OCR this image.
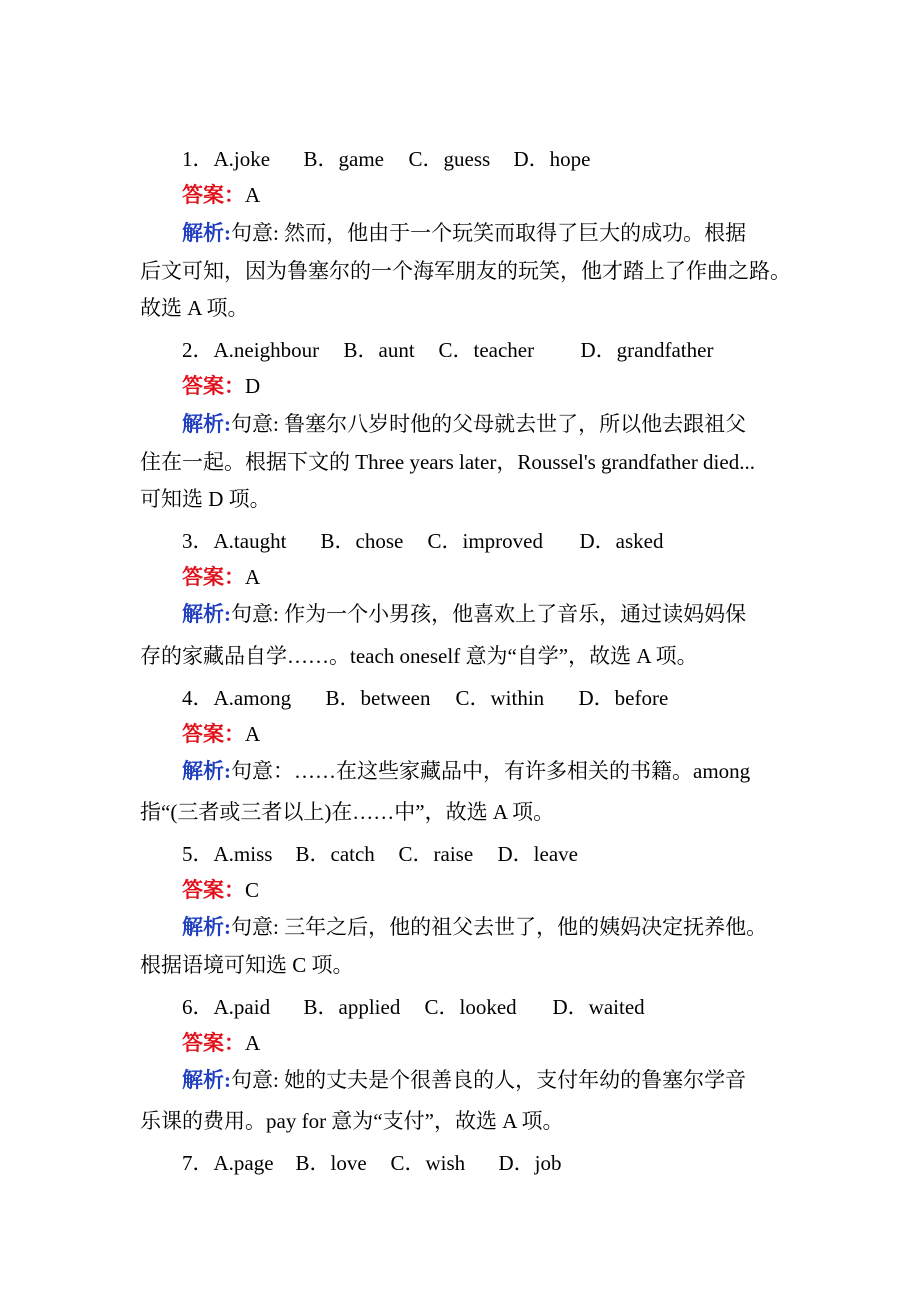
1．A.joke B．game C．guess D．hope
答案：A
解析:句意: 然而，他由于一个玩笑而取得了巨大的成功。根据
后文可知，因为鲁塞尔的一个海军朋友的玩笑，他才踏上了作曲之路。
故选 A 项。
2．A.neighbour B．aunt C．teacher D．grandfather
答案：D
解析:句意: 鲁塞尔八岁时他的父母就去世了，所以他去跟祖父
住在一起。根据下文的 Three years later，Roussel's grandfather died...
可知选 D 项。
3．A.taught B．chose C．improved D．asked
答案：A
解析:句意: 作为一个小男孩，他喜欢上了音乐，通过读妈妈保
存的家藏品自学……。teach oneself 意为“自学”，故选 A 项。
4．A.among B．between C．within D．before
答案：A
解析:句意：……在这些家藏品中，有许多相关的书籍。among
指“(三者或三者以上)在……中”，故选 A 项。
5．A.miss B．catch C．raise D．leave
答案：C
解析:句意: 三年之后，他的祖父去世了，他的姨妈决定抚养他。
根据语境可知选 C 项。
6．A.paid B．applied C．looked D．waited
答案：A
解析:句意: 她的丈夫是个很善良的人，支付年幼的鲁塞尔学音
乐课的费用。pay for 意为“支付”，故选 A 项。
7．A.page B．love C．wish D．job
